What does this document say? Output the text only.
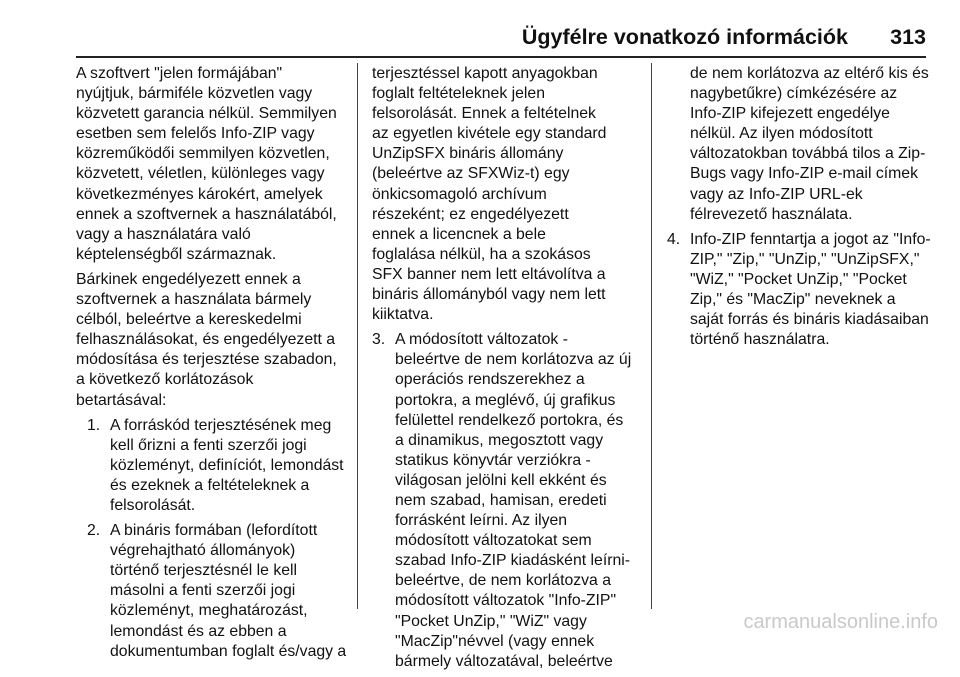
Ügyfélre vonatkozó információk 313

A szoftvert "jelen formájában"
nyújtjuk, bármiféle közvetlen vagy
közvetett garancia nélkül. Semmilyen
esetben sem felelős Info-ZIP vagy
közreműködői semmilyen közvetlen,
közvetett, véletlen, különleges vagy
következményes károkért, amelyek
ennek a szoftvernek a használatából,
vagy a használatára való
képtelenségből származnak.

Bárkinek engedélyezett ennek a
szoftvernek a használata bármely
célból, beleértve a kereskedelmi
felhasználásokat, és engedélyezett a
módosítása és terjesztése szabadon,
a következő korlátozások
betartásával:

1. A forráskód terjesztésének meg
kell őrizni a fenti szerzői jogi
közleményt, definíciót, lemondást
és ezeknek a feltételeknek a
felsorolását.
2. A bináris formában (lefordított
végrehajtható állományok)
történő terjesztésnél le kell
másolni a fenti szerzői jogi
közleményt, meghatározást,
lemondást és az ebben a
dokumentumban foglalt és/vagy a

terjesztéssel kapott anyagokban
foglalt feltételeknek jelen
felsorolását. Ennek a feltételnek
az egyetlen kivétele egy standard
UnZipSFX bináris állomány
(beleértve az SFXWiz-t) egy
önkicsomagoló archívum
részeként; ez engedélyezett
ennek a licencnek a bele
foglalása nélkül, ha a szokásos
SFX banner nem lett eltávolítva a
bináris állományból vagy nem lett
kiiktatva.

3. A módosított változatok -
beleértve de nem korlátozva az új
operációs rendszerekhez a
portokra, a meglévő, új grafikus
felülettel rendelkező portokra, és
a dinamikus, megosztott vagy
statikus könyvtár verziókra -
világosan jelölni kell ekként és
nem szabad, hamisan, eredeti
forrásként leírni. Az ilyen
módosított változatokat sem
szabad Info-ZIP kiadásként leírni-
beleértve, de nem korlátozva a
módosított változatok "Info-ZIP"
"Pocket UnZip," "WiZ" vagy
"MacZip"névvel (vagy ennek
bármely változatával, beleértve
de nem korlátozva az eltérő kis és
nagybetűkre) címkézésére az
Info-ZIP kifejezett engedélye
nélkül. Az ilyen módosított
változatokban továbbá tilos a Zip-
Bugs vagy Info-ZIP e-mail címek
vagy az Info-ZIP URL-ek
félrevezető használata.
4. Info-ZIP fenntartja a jogot az "Info-
ZIP," "Zip," "UnZip," "UnZipSFX,"
"WiZ," "Pocket UnZip," "Pocket
Zip," és "MacZip" neveknek a
saját forrás és bináris kiadásaiban
történő használatra.
carmanualsonline.info
